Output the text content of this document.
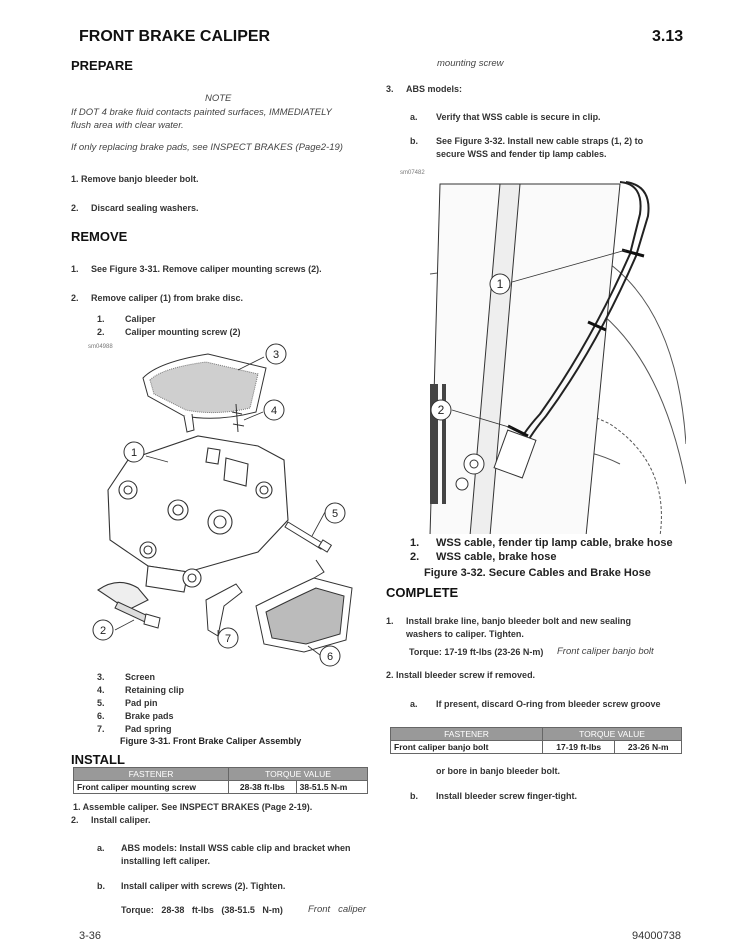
FRONT BRAKE CALIPER	3.13
PREPARE
NOTE
If DOT 4 brake fluid contacts painted surfaces, IMMEDIATELY
flush area with clear water.
If only replacing brake pads, see INSPECT BRAKES (Page2-19)
1. Remove banjo bleeder bolt.
2. Discard sealing washers.
REMOVE
1. See Figure 3-31. Remove caliper mounting screws (2).
2. Remove caliper (1) from brake disc.
1. Caliper
2. Caliper mounting screw (2)
sm04988
1
2
3
4
5
6
7
3. Screen
4. Retaining clip
5. Pad pin
6. Brake pads
7. Pad spring
Figure 3-31. Front Brake Caliper Assembly
INSTALL
FASTENER	TORQUE VALUE	
Front caliper mounting screw	28-38 ft-lbs	38-51.5 N-m
1. Assemble caliper. See INSPECT BRAKES (Page 2-19).
2. Install caliper.
a. ABS models: Install WSS cable clip and bracket when
installing left caliper.
b. Install caliper with screws (2). Tighten.
Torque:   28-38   ft-lbs   (38-51.5   N-m)	Front   caliper
mounting screw
3. ABS models:
a. Verify that WSS cable is secure in clip.
b. See Figure 3-32. Install new cable straps (1, 2) to
secure WSS and fender tip lamp cables.
sm07482
1
2
1. WSS cable, fender tip lamp cable, brake hose
2. WSS cable, brake hose
Figure 3-32. Secure Cables and Brake Hose
COMPLETE
1. Install brake line, banjo bleeder bolt and new sealing
washers to caliper. Tighten.
Torque: 17-19 ft-lbs (23-26 N-m) Front caliper banjo bolt
2. Install bleeder screw if removed.
a. If present, discard O-ring from bleeder screw groove
FASTENER	TORQUE VALUE	
Front caliper banjo bolt	17-19 ft-lbs	23-26 N-m
or bore in banjo bleeder bolt.
b. Install bleeder screw finger-tight.
3-36	94000738
